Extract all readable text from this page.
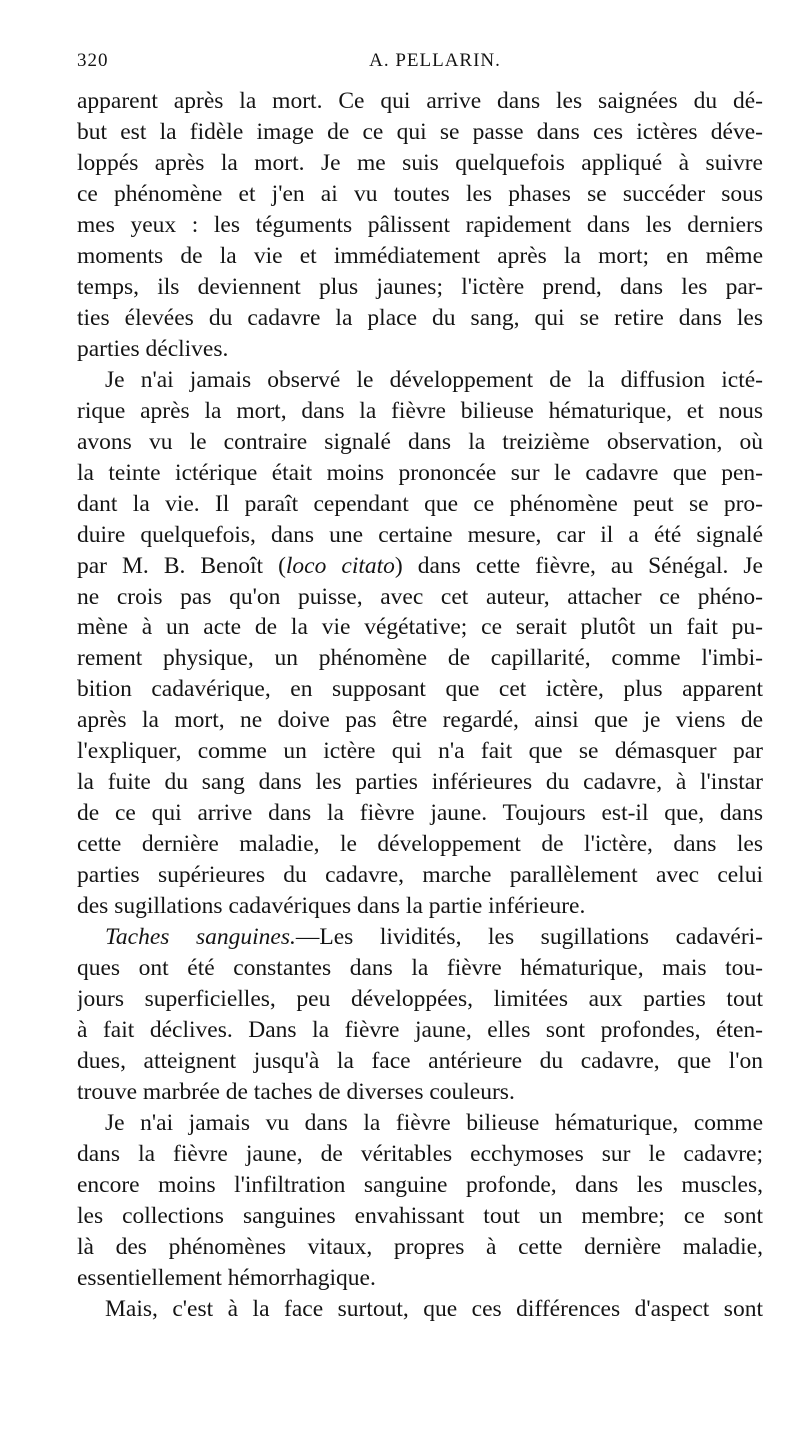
320	A. PELLARIN.
apparent après la mort. Ce qui arrive dans les saignées du dé-
but est la fidèle image de ce qui se passe dans ces ictères déve-
loppés après la mort. Je me suis quelquefois appliqué à suivre
ce phénomène et j'en ai vu toutes les phases se succéder sous
mes yeux : les téguments pâlissent rapidement dans les derniers
moments de la vie et immédiatement après la mort; en même
temps, ils deviennent plus jaunes; l'ictère prend, dans les par-
ties élevées du cadavre la place du sang, qui se retire dans les
parties déclives.
Je n'ai jamais observé le développement de la diffusion icté-
rique après la mort, dans la fièvre bilieuse hématurique, et nous
avons vu le contraire signalé dans la treizième observation, où
la teinte ictérique était moins prononcée sur le cadavre que pen-
dant la vie. Il paraît cependant que ce phénomène peut se pro-
duire quelquefois, dans une certaine mesure, car il a été signalé
par M. B. Benoît (loco citato) dans cette fièvre, au Sénégal. Je
ne crois pas qu'on puisse, avec cet auteur, attacher ce phéno-
mène à un acte de la vie végétative; ce serait plutôt un fait pu-
rement physique, un phénomène de capillarité, comme l'imbi-
bition cadavérique, en supposant que cet ictère, plus apparent
après la mort, ne doive pas être regardé, ainsi que je viens de
l'expliquer, comme un ictère qui n'a fait que se démasquer par
la fuite du sang dans les parties inférieures du cadavre, à l'instar
de ce qui arrive dans la fièvre jaune. Toujours est-il que, dans
cette dernière maladie, le développement de l'ictère, dans les
parties supérieures du cadavre, marche parallèlement avec celui
des sugillations cadavériques dans la partie inférieure.
Taches sanguines.—Les lividités, les sugillations cadavéri-
ques ont été constantes dans la fièvre hématurique, mais tou-
jours superficielles, peu développées, limitées aux parties tout
à fait déclives. Dans la fièvre jaune, elles sont profondes, éten-
dues, atteignent jusqu'à la face antérieure du cadavre, que l'on
trouve marbrée de taches de diverses couleurs.
Je n'ai jamais vu dans la fièvre bilieuse hématurique, comme
dans la fièvre jaune, de véritables ecchymoses sur le cadavre;
encore moins l'infiltration sanguine profonde, dans les muscles,
les collections sanguines envahissant tout un membre; ce sont
là des phénomènes vitaux, propres à cette dernière maladie,
essentiellement hémorrhagique.
Mais, c'est à la face surtout, que ces différences d'aspect sont
